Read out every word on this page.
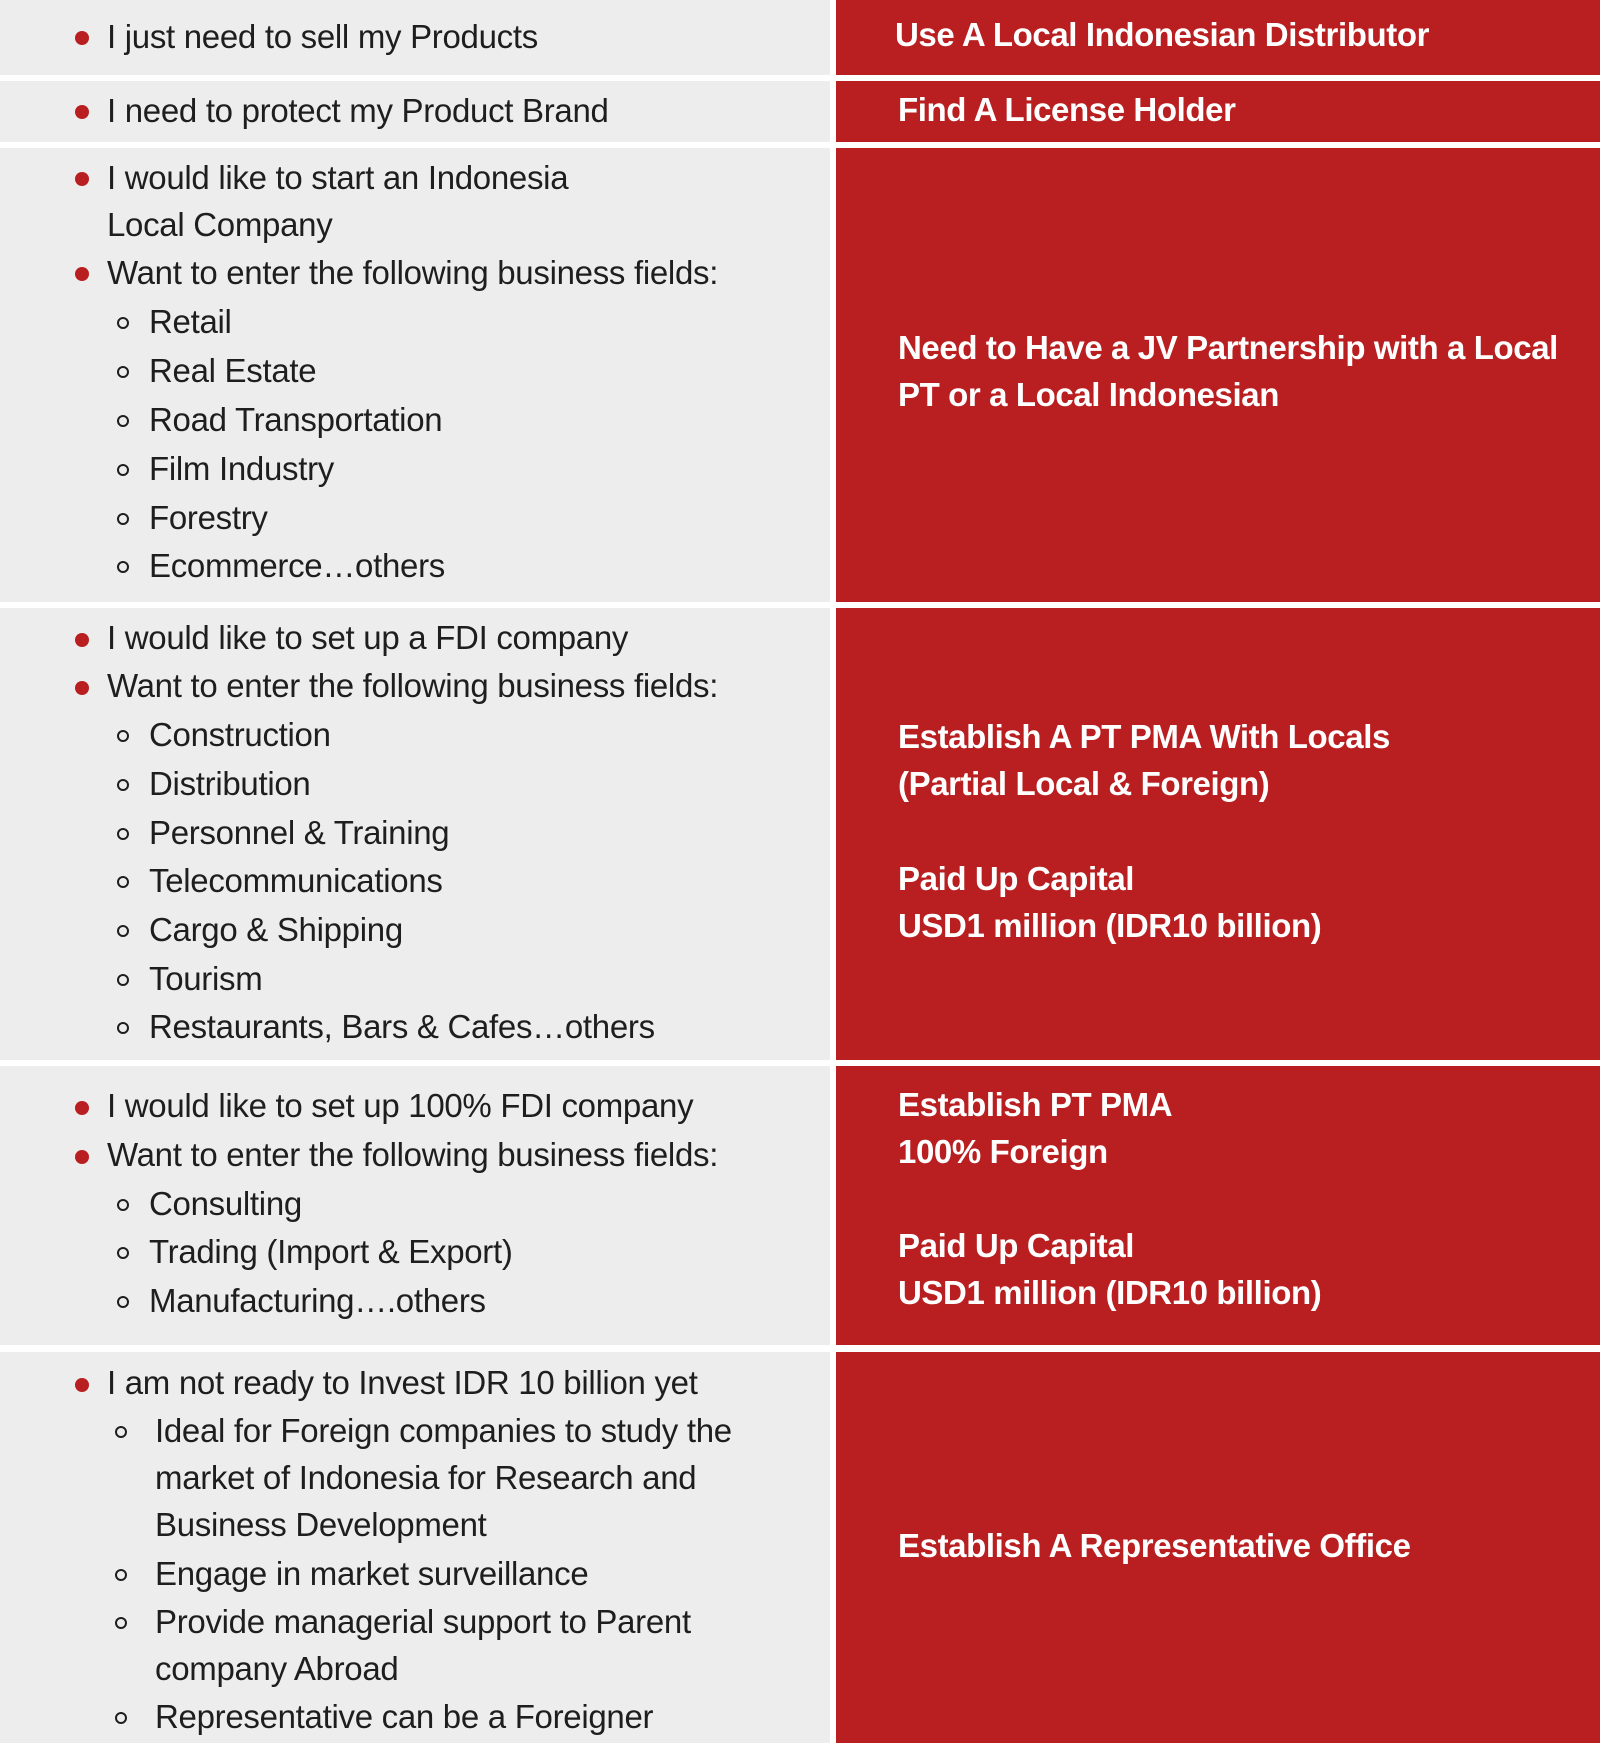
I just need to sell my Products	Use A Local Indonesian Distributor
I need to protect my Product Brand	Find A License Holder
I would like to start an Indonesia
Local Company
Want to enter the following business fields:
Retail
Real Estate
Road Transportation
Film Industry
Forestry
Ecommerce…others
Need to Have a JV Partnership with a Local
PT or a Local Indonesian
I would like to set up a FDI company
Want to enter the following business fields:
Construction
Distribution
Personnel & Training
Telecommunications
Cargo & Shipping
Tourism
Restaurants, Bars & Cafes…others
Establish A PT PMA With Locals
(Partial Local & Foreign)
Paid Up Capital
USD1 million (IDR10 billion)
I would like to set up 100% FDI company
Want to enter the following business fields:
Consulting
Trading (Import & Export)
Manufacturing….others
Establish PT PMA
100% Foreign
Paid Up Capital
USD1 million (IDR10 billion)
I am not ready to Invest IDR 10 billion yet
Ideal for Foreign companies to study the
market of Indonesia for Research and
Business Development
Engage in market surveillance
Provide managerial support to Parent
company Abroad
Representative can be a Foreigner
Establish A Representative Office
